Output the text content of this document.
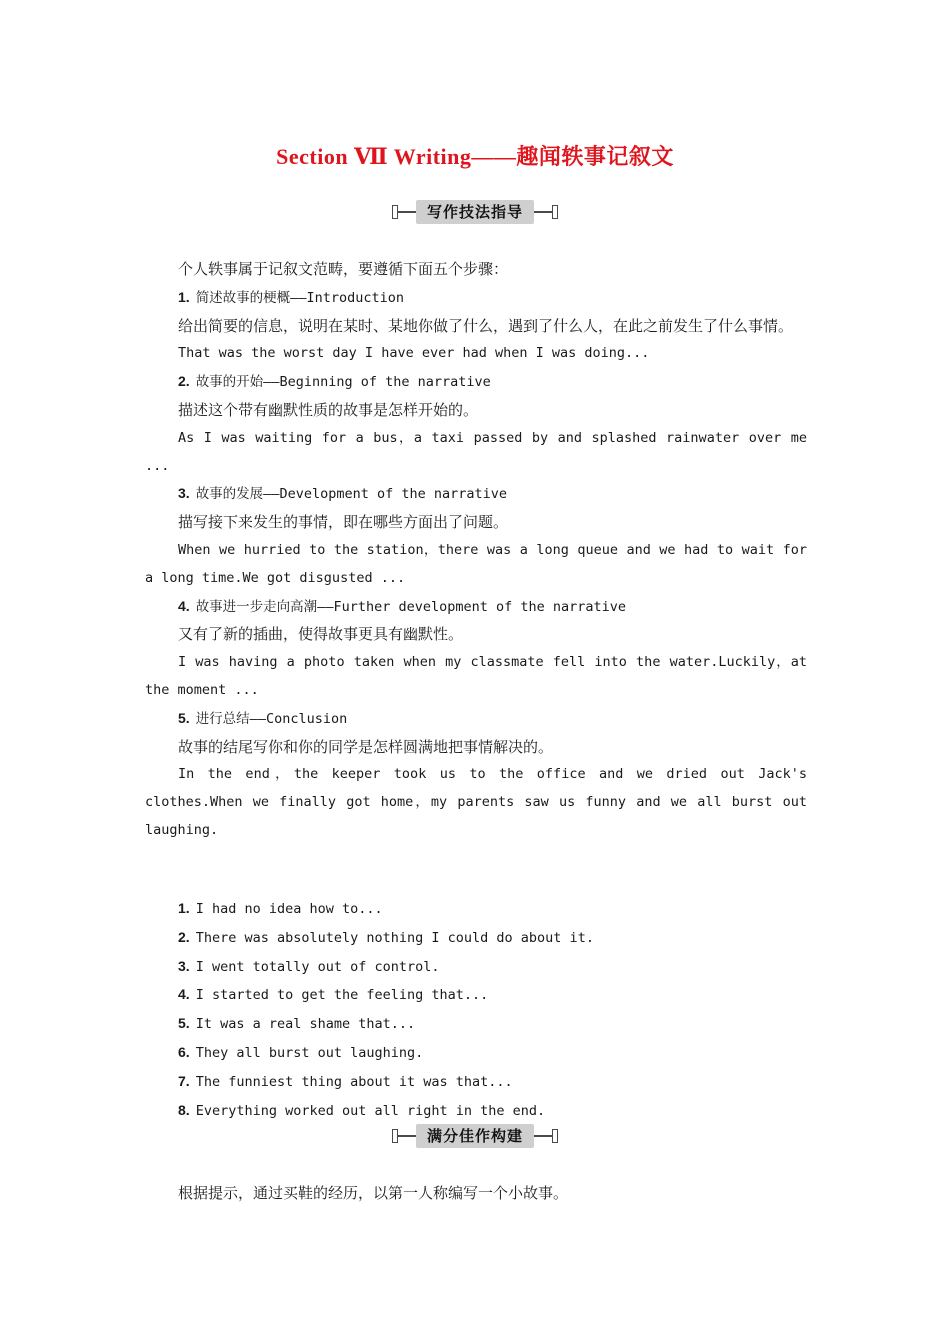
Section Ⅶ Writing——趣闻轶事记叙文
写作技法指导

个人轶事属于记叙文范畴，要遵循下面五个步骤：

1. 简述故事的梗概——Introduction

给出简要的信息，说明在某时、某地你做了什么，遇到了什么人，在此之前发生了什么事情。

That was the worst day I have ever had when I was doing...

2. 故事的开始——Beginning of the narrative

描述这个带有幽默性质的故事是怎样开始的。

As I was waiting for a bus，a taxi passed by and splashed rainwater over me ...

3. 故事的发展——Development of the narrative

描写接下来发生的事情，即在哪些方面出了问题。

When we hurried to the station，there was a long queue and we had to wait for a long time.We got disgusted ...

4. 故事进一步走向高潮——Further development of the narrative

又有了新的插曲，使得故事更具有幽默性。

I was having a photo taken when my classmate fell into the water.Luckily，at the moment ...

5. 进行总结——Conclusion

故事的结尾写你和你的同学是怎样圆满地把事情解决的。

In the end，the keeper took us to the office and we dried out Jack's clothes.When we finally got home，my parents saw us funny and we all burst out laughing.

1. I had no idea how to...
2. There was absolutely nothing I could do about it.
3. I went totally out of control.
4. I started to get the feeling that...
5. It was a real shame that...
6. They all burst out laughing.
7. The funniest thing about it was that...
8. Everything worked out all right in the end.
满分佳作构建

根据提示，通过买鞋的经历，以第一人称编写一个小故事。
